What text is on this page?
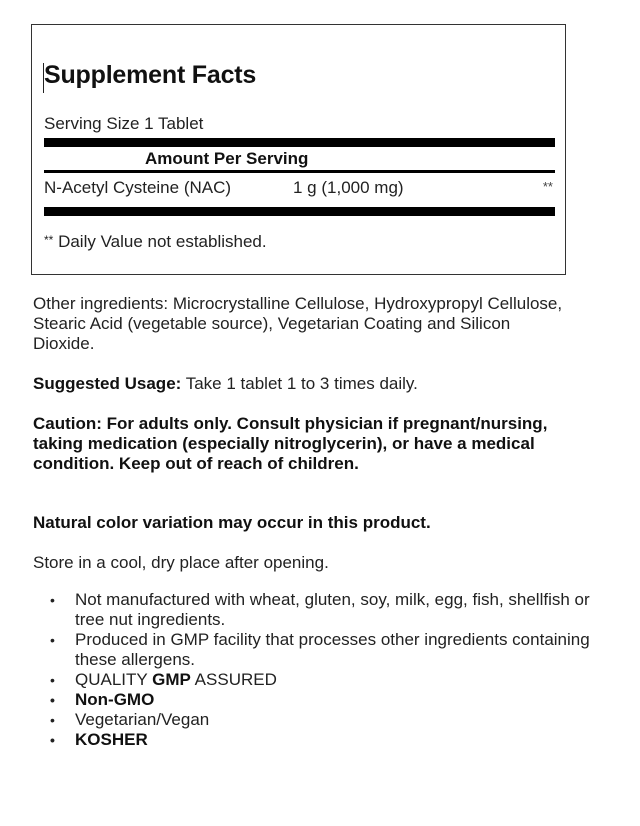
Supplement Facts
Serving Size 1 Tablet
Amount Per Serving
N-Acetyl Cysteine (NAC)	1 g (1,000 mg)	**
** Daily Value not established.
Other ingredients: Microcrystalline Cellulose, Hydroxypropyl Cellulose, Stearic Acid (vegetable source), Vegetarian Coating and Silicon Dioxide.
Suggested Usage: Take 1 tablet 1 to 3 times daily.
Caution: For adults only. Consult physician if pregnant/nursing, taking medication (especially nitroglycerin), or have a medical condition. Keep out of reach of children.
Natural color variation may occur in this product.
Store in a cool, dry place after opening.
• Not manufactured with wheat, gluten, soy, milk, egg, fish, shellfish or tree nut ingredients.
• Produced in GMP facility that processes other ingredients containing these allergens.
• QUALITY GMP ASSURED
• Non-GMO
• Vegetarian/Vegan
• KOSHER
